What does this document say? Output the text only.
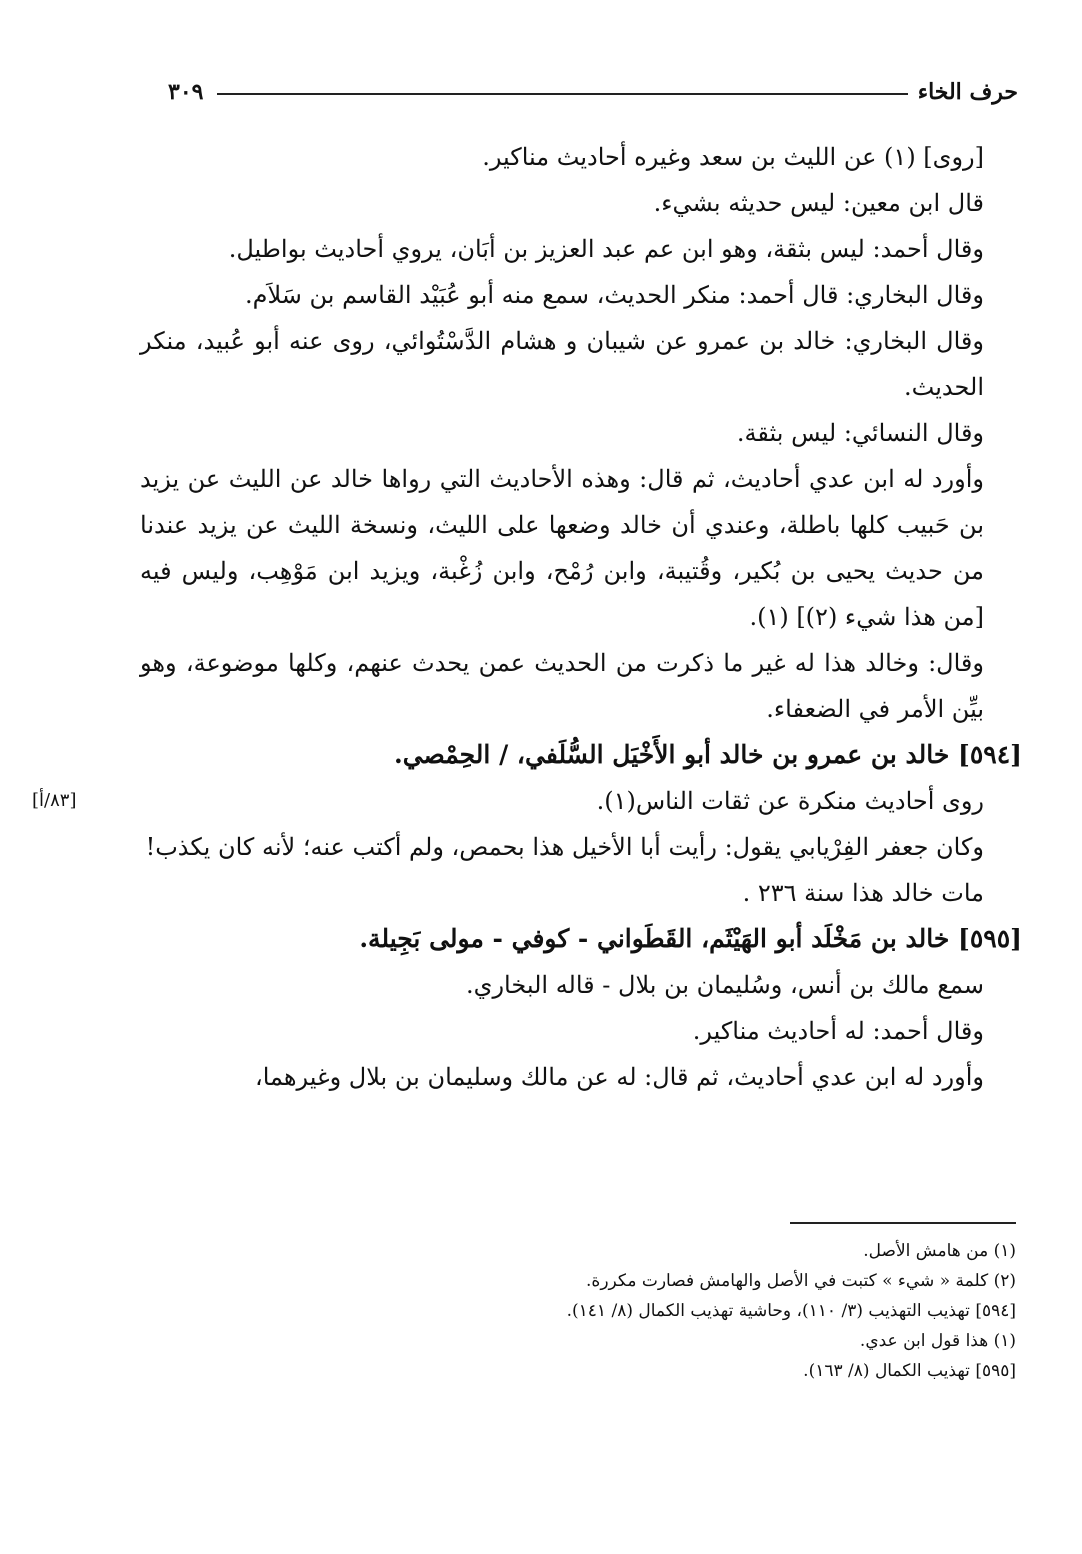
حرف الخاء
٣٠٩
[٨٣/أ]

[روى] (١) عن الليث بن سعد وغيره أحاديث مناكير.

قال ابن معين: ليس حديثه بشيء.

وقال أحمد: ليس بثقة، وهو ابن عم عبد العزيز بن أبَان، يروي أحاديث بواطيل.

وقال البخاري: قال أحمد: منكر الحديث، سمع منه أبو عُبَيْد القاسم بن سَلاَم.

وقال البخاري: خالد بن عمرو عن شيبان و هشام الدَّسْتُوائي، روى عنه أبو عُبيد، منكر الحديث.

وقال النسائي: ليس بثقة.

وأورد له ابن عدي أحاديث، ثم قال: وهذه الأحاديث التي رواها خالد عن الليث عن يزيد بن حَبيب كلها باطلة، وعندي أن خالد وضعها على الليث، ونسخة الليث عن يزيد عندنا من حديث يحيى بن بُكير، وقُتيبة، وابن رُمْح، وابن زُغْبة، ويزيد ابن مَوْهِب، وليس فيه [من هذا شيء (٢)] (١).

وقال: وخالد هذا له غير ما ذكرت من الحديث عمن يحدث عنهم، وكلها موضوعة، وهو بيِّن الأمر في الضعفاء.

[٥٩٤] خالد بن عمرو بن خالد أبو الأَخْيَل السُّلَفي، / الحِمْصي.

روى أحاديث منكرة عن ثقات الناس(١).

وكان جعفر الفِرْيابي يقول: رأيت أبا الأخيل هذا بحمص، ولم أكتب عنه؛ لأنه كان يكذب!

مات خالد هذا سنة ٢٣٦ .

[٥٩٥] خالد بن مَخْلَد أبو الهَيْثَم، القَطَواني - كوفي - مولى بَجِيلة.

سمع مالك بن أنس، وسُليمان بن بلال - قاله البخاري.

وقال أحمد: له أحاديث مناكير.

وأورد له ابن عدي أحاديث، ثم قال: له عن مالك وسليمان بن بلال وغيرهما،

(١) من هامش الأصل.

(٢) كلمة « شيء » كتبت في الأصل والهامش فصارت مكررة.

[٥٩٤] تهذيب التهذيب (٣/ ١١٠)، وحاشية تهذيب الكمال (٨/ ١٤١).

(١) هذا قول ابن عدي.

[٥٩٥] تهذيب الكمال (٨/ ١٦٣).
